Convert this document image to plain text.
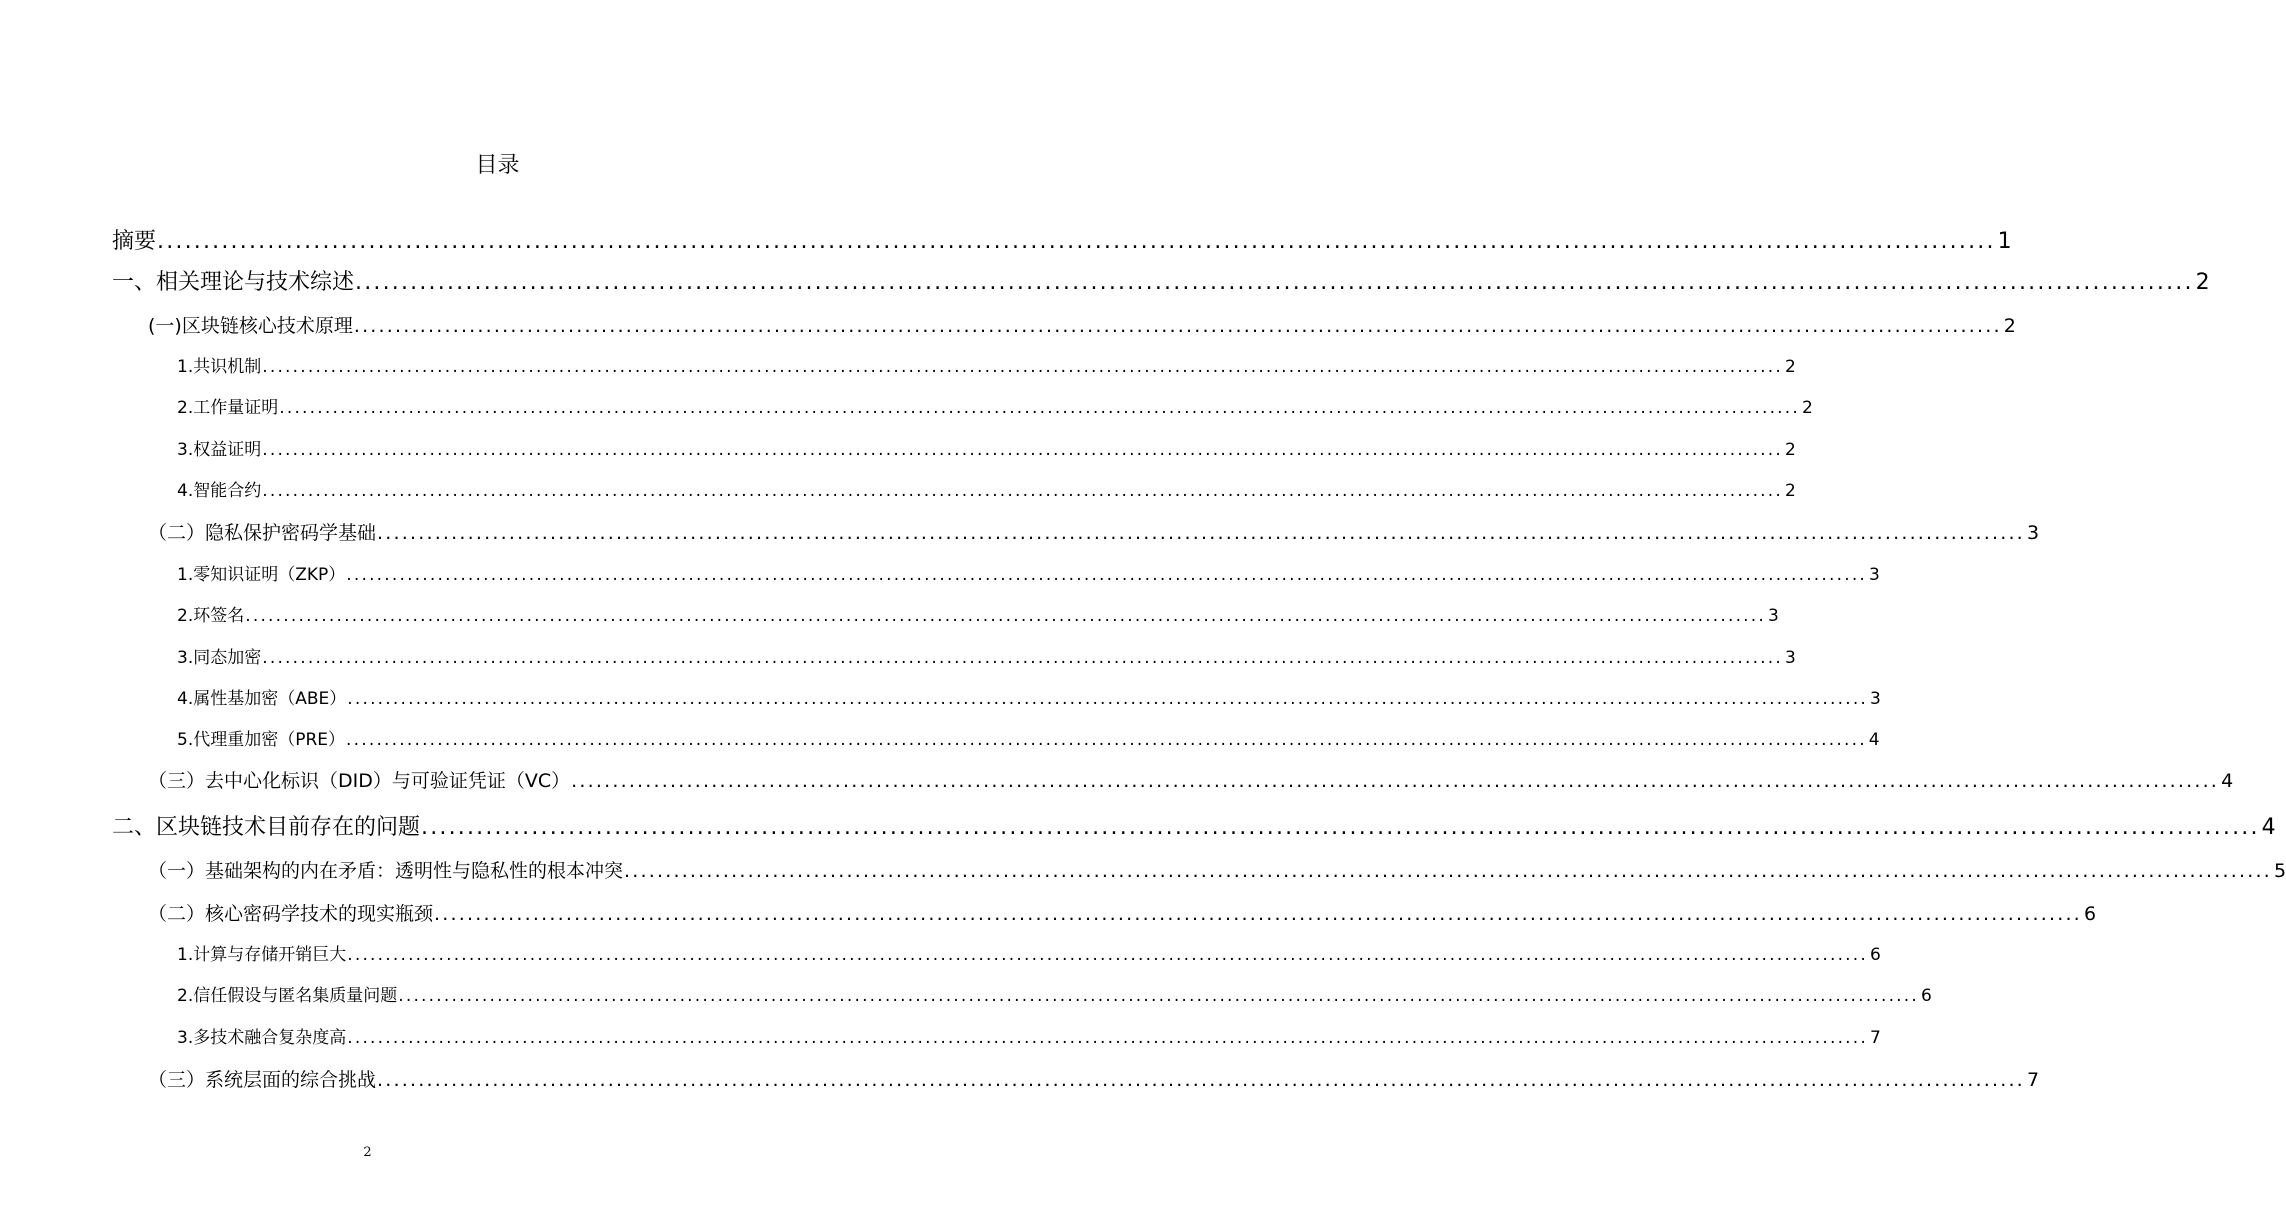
目录
摘要 ........................................................................................................................................................................................................ 1
一、相关理论与技术综述 ........................................................................................................................................................................................................ 2
(一)区块链核心技术原理 ........................................................................................................................................................................................................ 2
1.共识机制 ........................................................................................................................................................................................................ 2
2.工作量证明 ........................................................................................................................................................................................................ 2
3.权益证明 ........................................................................................................................................................................................................ 2
4.智能合约 ........................................................................................................................................................................................................ 2
（二）隐私保护密码学基础 ........................................................................................................................................................................................................ 3
1.零知识证明（ZKP） ........................................................................................................................................................................................................ 3
2.环签名 ........................................................................................................................................................................................................ 3
3.同态加密 ........................................................................................................................................................................................................ 3
4.属性基加密（ABE） ........................................................................................................................................................................................................ 3
5.代理重加密（PRE） ........................................................................................................................................................................................................ 4
（三）去中心化标识（DID）与可验证凭证（VC） ........................................................................................................................................................................................................ 4
二、区块链技术目前存在的问题 ........................................................................................................................................................................................................ 4
（一）基础架构的内在矛盾：透明性与隐私性的根本冲突 ........................................................................................................................................................................................................ 5
（二）核心密码学技术的现实瓶颈 ........................................................................................................................................................................................................ 6
1.计算与存储开销巨大 ........................................................................................................................................................................................................ 6
2.信任假设与匿名集质量问题 ........................................................................................................................................................................................................ 6
3.多技术融合复杂度高 ........................................................................................................................................................................................................ 7
（三）系统层面的综合挑战 ........................................................................................................................................................................................................ 7
2
